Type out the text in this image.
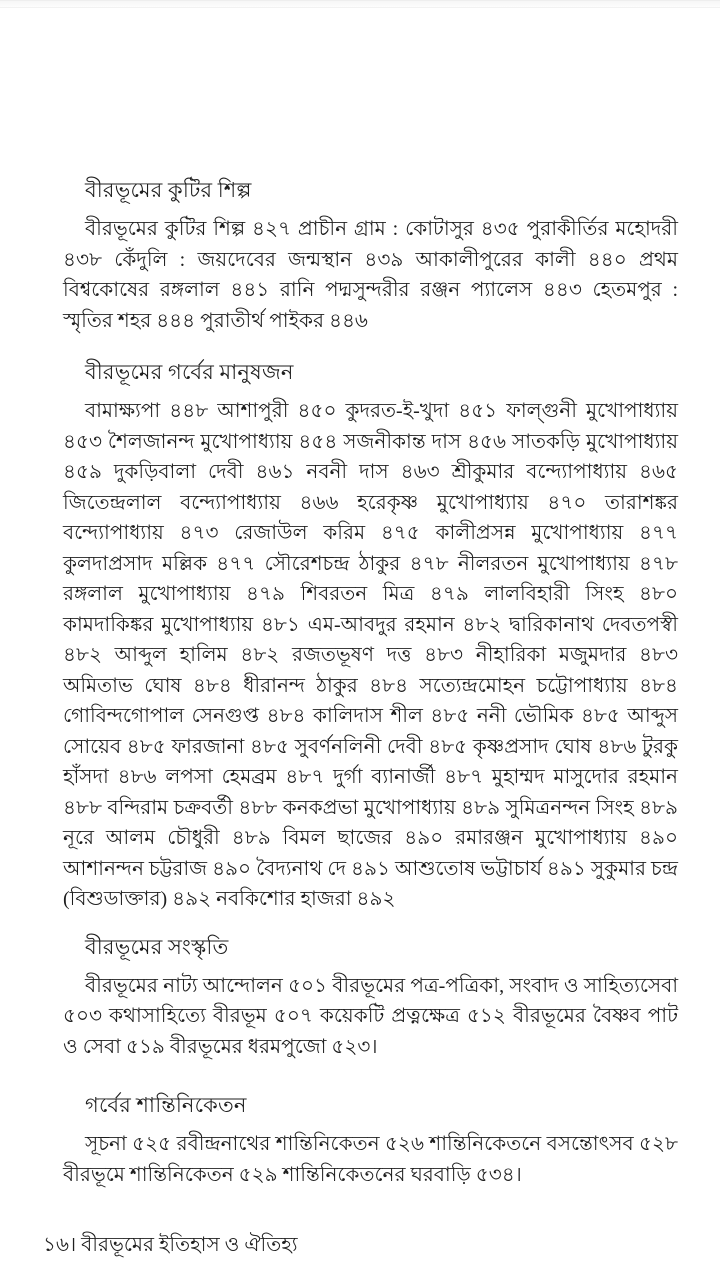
বীরভূমের কুটির শিল্প

বীরভূমের কুটির শিল্প ৪২৭ প্রাচীন গ্রাম : কোটাসুর ৪৩৫ পুরাকীর্তির মহোদরী ৪৩৮ কেঁদুলি : জয়দেবের জন্মস্থান ৪৩৯ আকালীপুরের কালী ৪৪০ প্রথম বিশ্বকোষের রঙ্গলাল ৪৪১ রানি পদ্মসুন্দরীর রঞ্জন প্যালেস ৪৪৩ হেতমপুর : স্মৃতির শহর ৪৪৪ পুরাতীর্থ পাইকর ৪৪৬

বীরভূমের গর্বের মানুষজন

বামাক্ষ্যপা ৪৪৮ আশাপুরী ৪৫০ কুদরত-ই-খুদা ৪৫১ ফাল্গুনী মুখোপাধ্যায় ৪৫৩ শৈলজানন্দ মুখোপাধ্যায় ৪৫৪ সজনীকান্ত দাস ৪৫৬ সাতকড়ি মুখোপাধ্যায় ৪৫৯ দুকড়িবালা দেবী ৪৬১ নবনী দাস ৪৬৩ শ্রীকুমার বন্দ্যোপাধ্যায় ৪৬৫ জিতেন্দ্রলাল বন্দ্যোপাধ্যায় ৪৬৬ হরেকৃষ্ণ মুখোপাধ্যায় ৪৭০ তারাশঙ্কর বন্দ্যোপাধ্যায় ৪৭৩ রেজাউল করিম ৪৭৫ কালীপ্রসন্ন মুখোপাধ্যায় ৪৭৭ কুলদাপ্রসাদ মল্লিক ৪৭৭ সৌরেশচন্দ্র ঠাকুর ৪৭৮ নীলরতন মুখোপাধ্যায় ৪৭৮ রঙ্গলাল মুখোপাধ্যায় ৪৭৯ শিবরতন মিত্র ৪৭৯ লালবিহারী সিংহ ৪৮০ কামদাকিঙ্কর মুখোপাধ্যায় ৪৮১ এম-আবদুর রহমান ৪৮২ দ্বারিকানাথ দেবতপস্বী ৪৮২ আব্দুল হালিম ৪৮২ রজতভূষণ দত্ত ৪৮৩ নীহারিকা মজুমদার ৪৮৩ অমিতাভ ঘোষ ৪৮৪ ধীরানন্দ ঠাকুর ৪৮৪ সত্যেন্দ্রমোহন চট্টোপাধ্যায় ৪৮৪ গোবিন্দগোপাল সেনগুপ্ত ৪৮৪ কালিদাস শীল ৪৮৫ ননী ভৌমিক ৪৮৫ আব্দুস সোয়েব ৪৮৫ ফারজানা ৪৮৫ সুবর্ণনলিনী দেবী ৪৮৫ কৃষ্ণপ্রসাদ ঘোষ ৪৮৬ টুরকু হাঁসদা ৪৮৬ লপসা হেমব্রম ৪৮৭ দুর্গা ব্যানার্জী ৪৮৭ মুহাম্মদ মাসুদোর রহমান ৪৮৮ বন্দিরাম চক্রবর্তী ৪৮৮ কনকপ্রভা মুখোপাধ্যায় ৪৮৯ সুমিত্রনন্দন সিংহ ৪৮৯ নূরে আলম চৌধুরী ৪৮৯ বিমল ছাজের ৪৯০ রমারঞ্জন মুখোপাধ্যায় ৪৯০ আশানন্দন চট্টরাজ ৪৯০ বৈদ্যনাথ দে ৪৯১ আশুতোষ ভট্টাচার্য ৪৯১ সুকুমার চন্দ্র (বিশুডাক্তার) ৪৯২ নবকিশোর হাজরা ৪৯২

বীরভূমের সংস্কৃতি

বীরভূমের নাট্য আন্দোলন ৫০১ বীরভূমের পত্র-পত্রিকা, সংবাদ ও সাহিত্যসেবা ৫০৩ কথাসাহিত্যে বীরভূম ৫০৭ কয়েকটি প্রত্নক্ষেত্র ৫১২ বীরভূমের বৈষ্ণব পাট ও সেবা ৫১৯ বীরভূমের ধরমপুজো ৫২৩।

গর্বের শান্তিনিকেতন

সূচনা ৫২৫ রবীন্দ্রনাথের শান্তিনিকেতন ৫২৬ শান্তিনিকেতনে বসন্তোৎসব ৫২৮ বীরভূমে শান্তিনিকেতন ৫২৯ শান্তিনিকেতনের ঘরবাড়ি ৫৩৪।

১৬। বীরভূমের ইতিহাস ও ঐতিহ্য
